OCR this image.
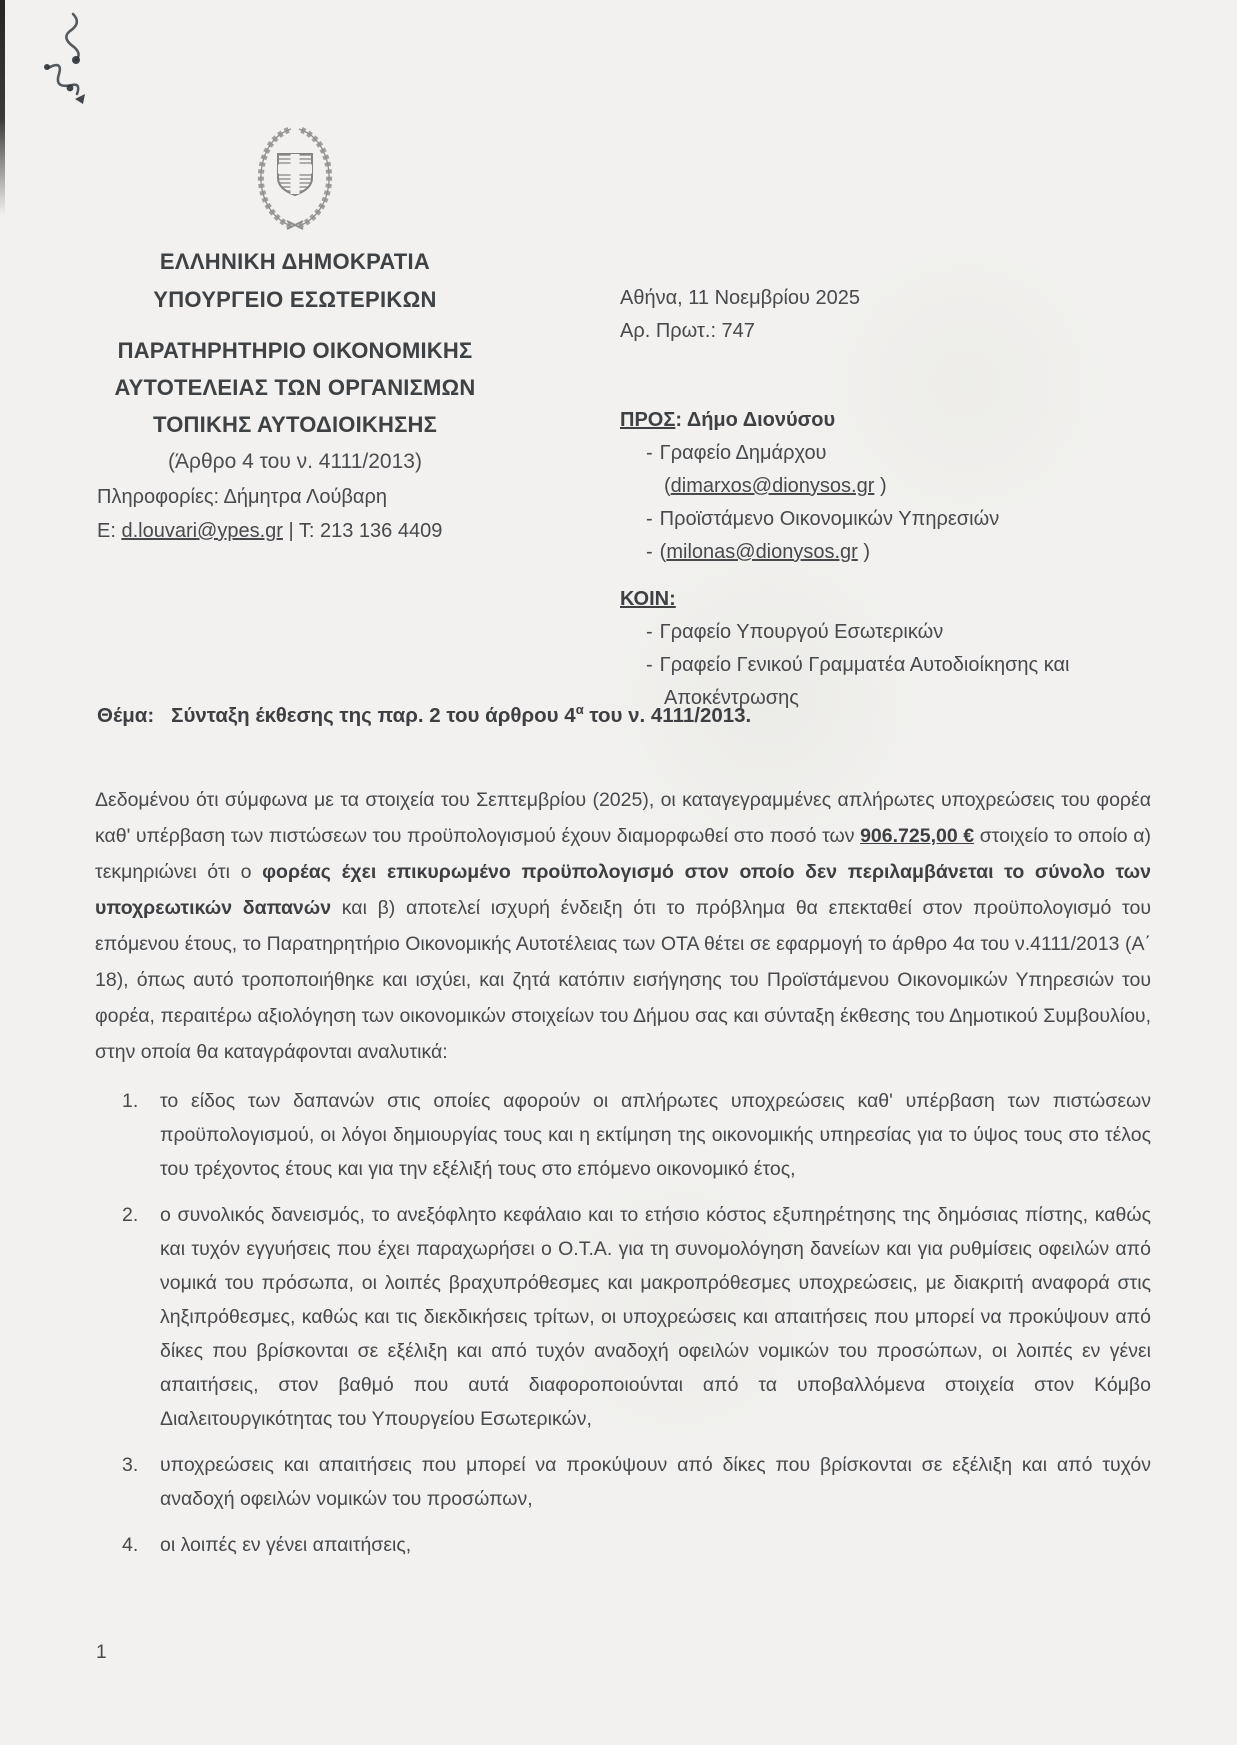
ΕΛΛΗΝΙΚΗ ΔΗΜΟΚΡΑΤΙΑ
ΥΠΟΥΡΓΕΙΟ ΕΣΩΤΕΡΙΚΩΝ
ΠΑΡΑΤΗΡΗΤΗΡΙΟ ΟΙΚΟΝΟΜΙΚΗΣ
ΑΥΤΟΤΕΛΕΙΑΣ ΤΩΝ ΟΡΓΑΝΙΣΜΩΝ
ΤΟΠΙΚΗΣ ΑΥΤΟΔΙΟΙΚΗΣΗΣ
(Άρθρο 4 του ν. 4111/2013)
Πληροφορίες: Δήμητρα Λούβαρη
E: d.louvari@ypes.gr | T: 213 136 4409
Αθήνα, 11 Νοεμβρίου 2025
Αρ. Πρωτ.: 747
ΠΡΟΣ: Δήμο Διονύσου
- Γραφείο Δημάρχου
(dimarxos@dionysos.gr )
- Προϊστάμενο Οικονομικών Υπηρεσιών
- (milonas@dionysos.gr )
ΚΟΙΝ:
- Γραφείο Υπουργού Εσωτερικών
- Γραφείο Γενικού Γραμματέα Αυτοδιοίκησης και Αποκέντρωσης
Θέμα: Σύνταξη έκθεσης της παρ. 2 του άρθρου $4^\alpha$ του ν. 4111/2013.

Δεδομένου ότι σύμφωνα με τα στοιχεία του Σεπτεμβρίου (2025), οι καταγεγραμμένες απλήρωτες υποχρεώσεις του φορέα καθ' υπέρβαση των πιστώσεων του προϋπολογισμού έχουν διαμορφωθεί στο ποσό των 906.725,00 € στοιχείο το οποίο α) τεκμηριώνει ότι ο φορέας έχει επικυρωμένο προϋπολογισμό στον οποίο δεν περιλαμβάνεται το σύνολο των υποχρεωτικών δαπανών και β) αποτελεί ισχυρή ένδειξη ότι το πρόβλημα θα επεκταθεί στον προϋπολογισμό του επόμενου έτους, το Παρατηρητήριο Οικονομικής Αυτοτέλειας των ΟΤΑ θέτει σε εφαρμογή το άρθρο 4α του ν.4111/2013 (Α΄ 18), όπως αυτό τροποποιήθηκε και ισχύει, και ζητά κατόπιν εισήγησης του Προϊστάμενου Οικονομικών Υπηρεσιών του φορέα, περαιτέρω αξιολόγηση των οικονομικών στοιχείων του Δήμου σας και σύνταξη έκθεσης του Δημοτικού Συμβουλίου, στην οποία θα καταγράφονται αναλυτικά:

1.	το είδος των δαπανών στις οποίες αφορούν οι απλήρωτες υποχρεώσεις καθ' υπέρβαση των πιστώσεων προϋπολογισμού, οι λόγοι δημιουργίας τους και η εκτίμηση της οικονομικής υπηρεσίας για το ύψος τους στο τέλος του τρέχοντος έτους και για την εξέλιξή τους στο επόμενο οικονομικό έτος,
2.	ο συνολικός δανεισμός, το ανεξόφλητο κεφάλαιο και το ετήσιο κόστος εξυπηρέτησης της δημόσιας πίστης, καθώς και τυχόν εγγυήσεις που έχει παραχωρήσει ο Ο.Τ.Α. για τη συνομολόγηση δανείων και για ρυθμίσεις οφειλών από νομικά του πρόσωπα, οι λοιπές βραχυπρόθεσμες και μακροπρόθεσμες υποχρεώσεις, με διακριτή αναφορά στις ληξιπρόθεσμες, καθώς και τις διεκδικήσεις τρίτων, οι υποχρεώσεις και απαιτήσεις που μπορεί να προκύψουν από δίκες που βρίσκονται σε εξέλιξη και από τυχόν αναδοχή οφειλών νομικών του προσώπων, οι λοιπές εν γένει απαιτήσεις, στον βαθμό που αυτά διαφοροποιούνται από τα υποβαλλόμενα στοιχεία στον Κόμβο Διαλειτουργικότητας του Υπουργείου Εσωτερικών,
3.	υποχρεώσεις και απαιτήσεις που μπορεί να προκύψουν από δίκες που βρίσκονται σε εξέλιξη και από τυχόν αναδοχή οφειλών νομικών του προσώπων,
4.	οι λοιπές εν γένει απαιτήσεις,
1
